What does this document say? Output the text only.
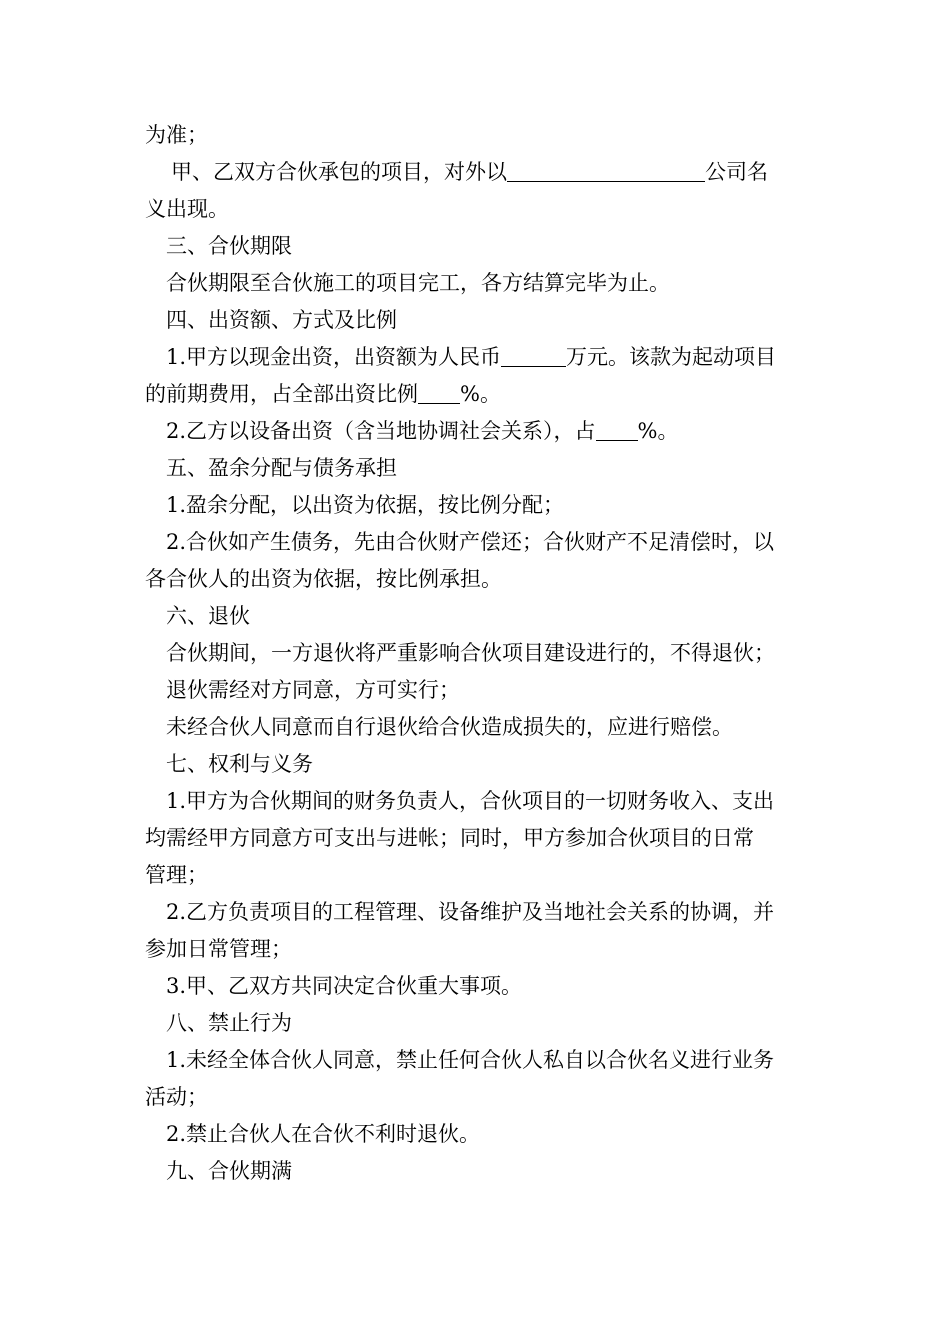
为准；
甲、乙双方合伙承包的项目，对外以	公司名
义出现。
三、合伙期限
合伙期限至合伙施工的项目完工，各方结算完毕为止。
四、出资额、方式及比例
1.甲方以现金出资，出资额为人民币	万元。该款为起动项目
的前期费用，占全部出资比例 %。
2.乙方以设备出资（含当地协调社会关系），占 %。
五、盈余分配与债务承担
1.盈余分配，以出资为依据，按比例分配；
2.合伙如产生债务，先由合伙财产偿还；合伙财产不足清偿时，以
各合伙人的出资为依据，按比例承担。
六、退伙
合伙期间，一方退伙将严重影响合伙项目建设进行的，不得退伙；
退伙需经对方同意，方可实行；
未经合伙人同意而自行退伙给合伙造成损失的，应进行赔偿。
七、权利与义务
1.甲方为合伙期间的财务负责人，合伙项目的一切财务收入、支出
均需经甲方同意方可支出与进帐；同时，甲方参加合伙项目的日常
管理；
2.乙方负责项目的工程管理、设备维护及当地社会关系的协调，并
参加日常管理；
3.甲、乙双方共同决定合伙重大事项。
八、禁止行为
1.未经全体合伙人同意，禁止任何合伙人私自以合伙名义进行业务
活动；
2.禁止合伙人在合伙不利时退伙。
九、合伙期满
